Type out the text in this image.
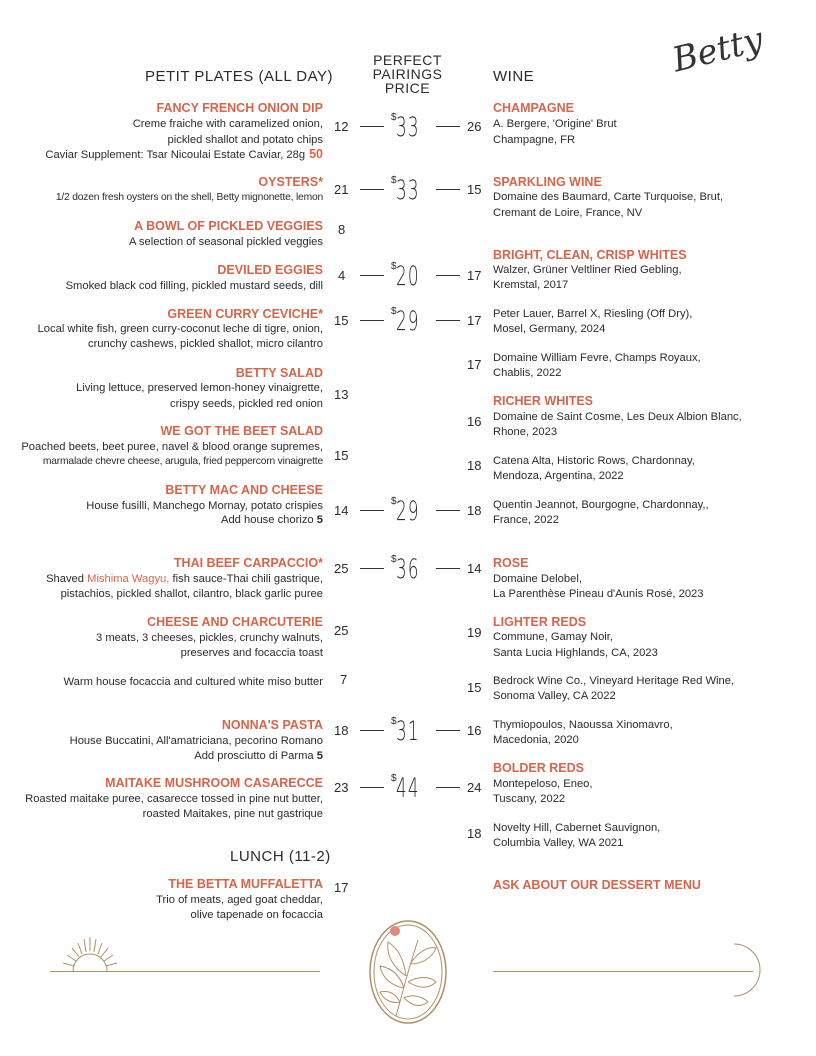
PETIT PLATES (ALL DAY)
PERFECT
PAIRINGS
PRICE
WINE	Betty
FANCY FRENCH ONION DIP
Creme fraiche with caramelized onion,
pickled shallot and potato chips
Caviar Supplement: Tsar Nicoulai Estate Caviar, 28g 50
12
OYSTERS*
1/2 dozen fresh oysters on the shell, Betty mignonette, lemon
21
A BOWL OF PICKLED VEGGIES
A selection of seasonal pickled veggies
8
DEVILED EGGIES
Smoked black cod filling, pickled mustard seeds, dill
4
GREEN CURRY CEVICHE*
Local white fish, green curry-coconut leche di tigre, onion,
crunchy cashews, pickled shallot, micro cilantro
15
BETTY SALAD
Living lettuce, preserved lemon-honey vinaigrette,
crispy seeds, pickled red onion
13
WE GOT THE BEET SALAD
Poached beets, beet puree, navel & blood orange supremes,
marmalade chevre cheese, arugula, fried peppercorn vinaigrette 15
BETTY MAC AND CHEESE
House fusilli, Manchego Mornay, potato crispies
Add house chorizo 5
14
THAI BEEF CARPACCIO*
Shaved Mishima Wagyu, fish sauce-Thai chili gastrique,
pistachios, pickled shallot, cilantro, black garlic puree
25
CHEESE AND CHARCUTERIE
3 meats, 3 cheeses, pickles, crunchy walnuts,
preserves and focaccia toast
25
Warm house focaccia and cultured white miso butter 7
NONNA'S PASTA
House Buccatini, All'amatriciana, pecorino Romano
Add prosciutto di Parma 5
18
MAITAKE MUSHROOM CASARECCE
Roasted maitake puree, casarecce tossed in pine nut butter,
roasted Maitakes, pine nut gastrique
23
LUNCH (11-2)
THE BETTA MUFFALETTA
Trio of meats, aged goat cheddar,
olive tapenade on focaccia
17
$ 33
$ 33
$ 20
$ 29
$ 29
$ 36
$ 31
$ 44
CHAMPAGNE
A. Bergere, 'Origine' Brut
Champagne, FR
26
SPARKLING WINE
Domaine des Baumard, Carte Turquoise, Brut,
Cremant de Loire, France, NV
15
BRIGHT, CLEAN, CRISP WHITES
Walzer, Grüner Veltliner Ried Gebling,
Kremstal, 2017
17
Peter Lauer, Barrel X, Riesling (Off Dry),
Mosel, Germany, 2024
17
Domaine William Fevre, Champs Royaux,
Chablis, 2022
17
RICHER WHITES
Domaine de Saint Cosme, Les Deux Albion Blanc,
Rhone, 2023
16
Catena Alta, Historic Rows, Chardonnay,
Mendoza, Argentina, 2022
18
Quentin Jeannot, Bourgogne, Chardonnay,,
France, 2022
18
ROSE
Domaine Delobel,
La Parenthèse Pineau d'Aunis Rosé, 2023
14
LIGHTER REDS
Commune, Gamay Noir,
Santa Lucia Highlands, CA, 2023
19
Bedrock Wine Co., Vineyard Heritage Red Wine,
Sonoma Valley, CA 2022
15
Thymiopoulos, Naoussa Xinomavro,
Macedonia, 2020
16
BOLDER REDS
Montepeloso, Eneo,
Tuscany, 2022
24
Novelty Hill, Cabernet Sauvignon,
Columbia Valley, WA 2021
18
ASK ABOUT OUR DESSERT MENU
